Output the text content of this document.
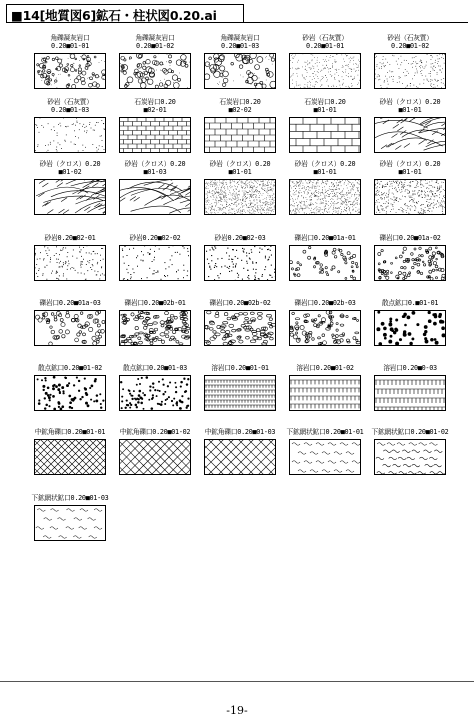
■14[地質図6]鉱石・柱状図0.20.ai
角礫凝灰岩口
0.20■01-01
角礫凝灰岩口
0.20■01-02
角礫凝灰岩口
0.20■01-03
砂岩（石灰質）
0.20■01-01
砂岩（石灰質）
0.20■01-02
砂岩（石灰質）
0.20■01-03
石炭岩口0.20
■02-01
石炭岩口0.20
■02-02
石炭岩口0.20
■01-01
砂岩（クロス）0.20
■01-01
砂岩（クロス）0.20
■01-02
砂岩（クロス）0.20
■01-03
砂岩（クロス）0.20
■01-01
砂岩（クロス）0.20
■01-01
砂岩（クロス）0.20
■01-01
砂岩0.20■02-01	砂岩0.20■02-02	砂岩0.20■02-03	礫岩口0.20■01a-01	礫岩口0.20■01a-02
礫岩口0.20■01a-03	礫岩口0.20■02b-01	礫岩口0.20■02b-02	礫岩口0.20■02b-03	散点鉱口0.■01-01
散点鉱口0.20■01-02	散点鉱口0.20■01-03	溶岩口0.20■01-01	溶岩口0.20■01-02	溶岩口0.20■0-03
中鉱角礫口0.20■01-01	中鉱角礫口0.20■01-02	中鉱角礫口0.20■01-03	下鉱網状鉱口0.20■01-01 下鉱網状鉱口0.20■01-02
下鉱網状鉱口0.20■01-03
-19-
